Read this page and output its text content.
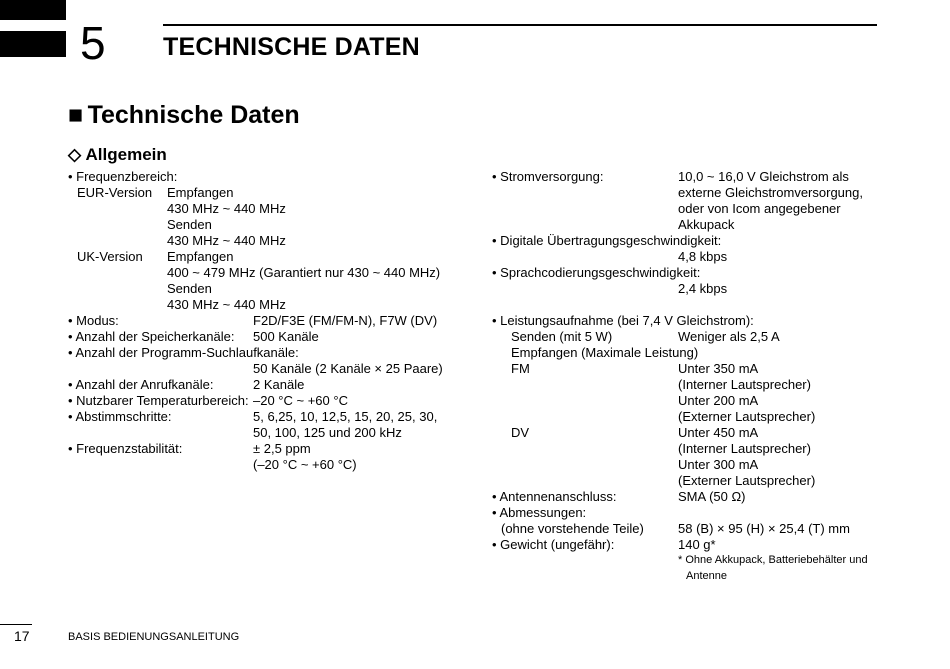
5 TECHNISCHE DATEN
■ Technische Daten
◇ Allgemein
• Frequenzbereich:
EUR-Version Empfangen
430 MHz ~ 440 MHz
Senden
430 MHz ~ 440 MHz
UK-Version Empfangen
400 ~ 479 MHz (Garantiert nur 430 ~ 440 MHz)
Senden
430 MHz ~ 440 MHz
• Modus:	F2D/F3E (FM/FM-N), F7W (DV)
• Anzahl der Speicherkanäle: 500 Kanäle
• Anzahl der Programm-Suchlaufkanäle:
50 Kanäle (2 Kanäle × 25 Paare)
• Anzahl der Anrufkanäle:	2 Kanäle
• Nutzbarer Temperaturbereich: –20 °C ~ +60 °C
• Abstimmschritte:	5, 6,25, 10, 12,5, 15, 20, 25, 30,
50, 100, 125 und 200 kHz
• Frequenzstabilität:	± 2,5 ppm
(–20 °C ~ +60 °C)
• Stromversorgung:	10,0 ~ 16,0 V Gleichstrom als
externe Gleichstromversorgung,
oder von Icom angegebener
Akkupack
• Digitale Übertragungsgeschwindigkeit:
4,8 kbps
• Sprachcodierungsgeschwindigkeit:
2,4 kbps
• Leistungsaufnahme (bei 7,4 V Gleichstrom):
Senden (mit 5 W)	Weniger als 2,5 A
Empfangen (Maximale Leistung)
FM	Unter 350 mA
(Interner Lautsprecher)
Unter 200 mA
(Externer Lautsprecher)
DV	Unter 450 mA
(Interner Lautsprecher)
Unter 300 mA
(Externer Lautsprecher)
• Antennenanschluss:	SMA (50 Ω)
• Abmessungen:
(ohne vorstehende Teile)	58 (B) × 95 (H) × 25,4 (T) mm
• Gewicht (ungefähr):	140 g*
* Ohne Akkupack, Batteriebehälter und
Antenne
17	BASIS BEDIENUNGSANLEITUNG
